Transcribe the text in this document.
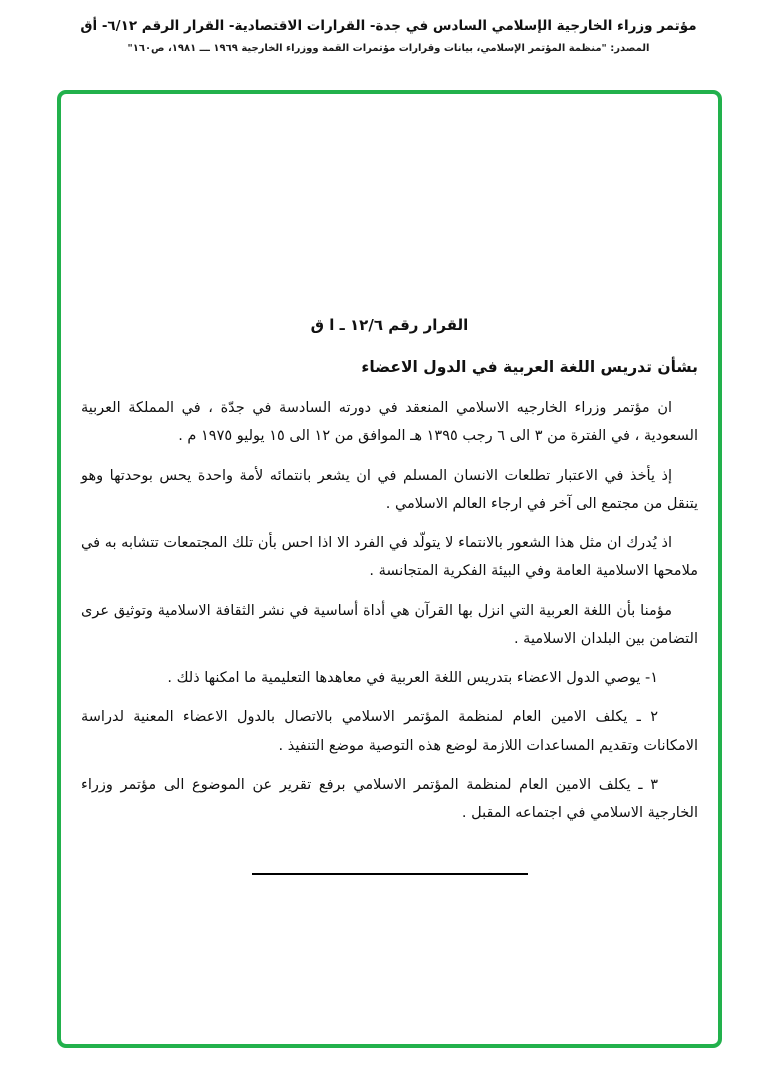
مؤتمر وزراء الخارجية الإسلامي السادس في جدة- القرارات الاقتصادية- القرار الرقم ٦/١٢- أق
المصدر: "منظمة المؤتمر الإسلامي، بيانات وقرارات مؤتمرات القمة ووزراء الخارجية ١٩٦٩ ـــ ١٩٨١، ص١٦٠"
القرار رقم ١٢/٦ ـ ا ق
بشأن تدريس اللغة العربية في الدول الاعضاء

ان مؤتمر وزراء الخارجيه الاسلامي المنعقد في دورته السادسة في جدّة ، في المملكة العربية السعودية ، في الفترة من ٣ الى ٦ رجب ١٣٩٥ هـ الموافق من ١٢ الى ١٥ يوليو ١٩٧٥ م .

إذ يأخذ في الاعتبار تطلعات الانسان المسلم في ان يشعر بانتمائه لأمة واحدة يحس بوحدتها وهو يتنقل من مجتمع الى آخر في ارجاء العالم الاسلامي .

اذ يُدرك ان مثل هذا الشعور بالانتماء لا يتولّد في الفرد الا اذا احس بأن تلك المجتمعات تتشابه به في ملامحها الاسلامية العامة وفي البيئة الفكرية المتجانسة .

مؤمنا بأن اللغة العربية التي انزل بها القرآن هي أداة أساسية في نشر الثقافة الاسلامية وتوثيق عرى التضامن بين البلدان الاسلامية .

١- يوصي الدول الاعضاء بتدريس اللغة العربية في معاهدها التعليمية ما امكنها ذلك .

٢ ـ يكلف الامين العام لمنظمة المؤتمر الاسلامي بالاتصال بالدول الاعضاء المعنية لدراسة الامكانات وتقديم المساعدات اللازمة لوضع هذه التوصية موضع التنفيذ .

٣ ـ يكلف الامين العام لمنظمة المؤتمر الاسلامي برفع تقرير عن الموضوع الى مؤتمر وزراء الخارجية الاسلامي في اجتماعه المقبل .
